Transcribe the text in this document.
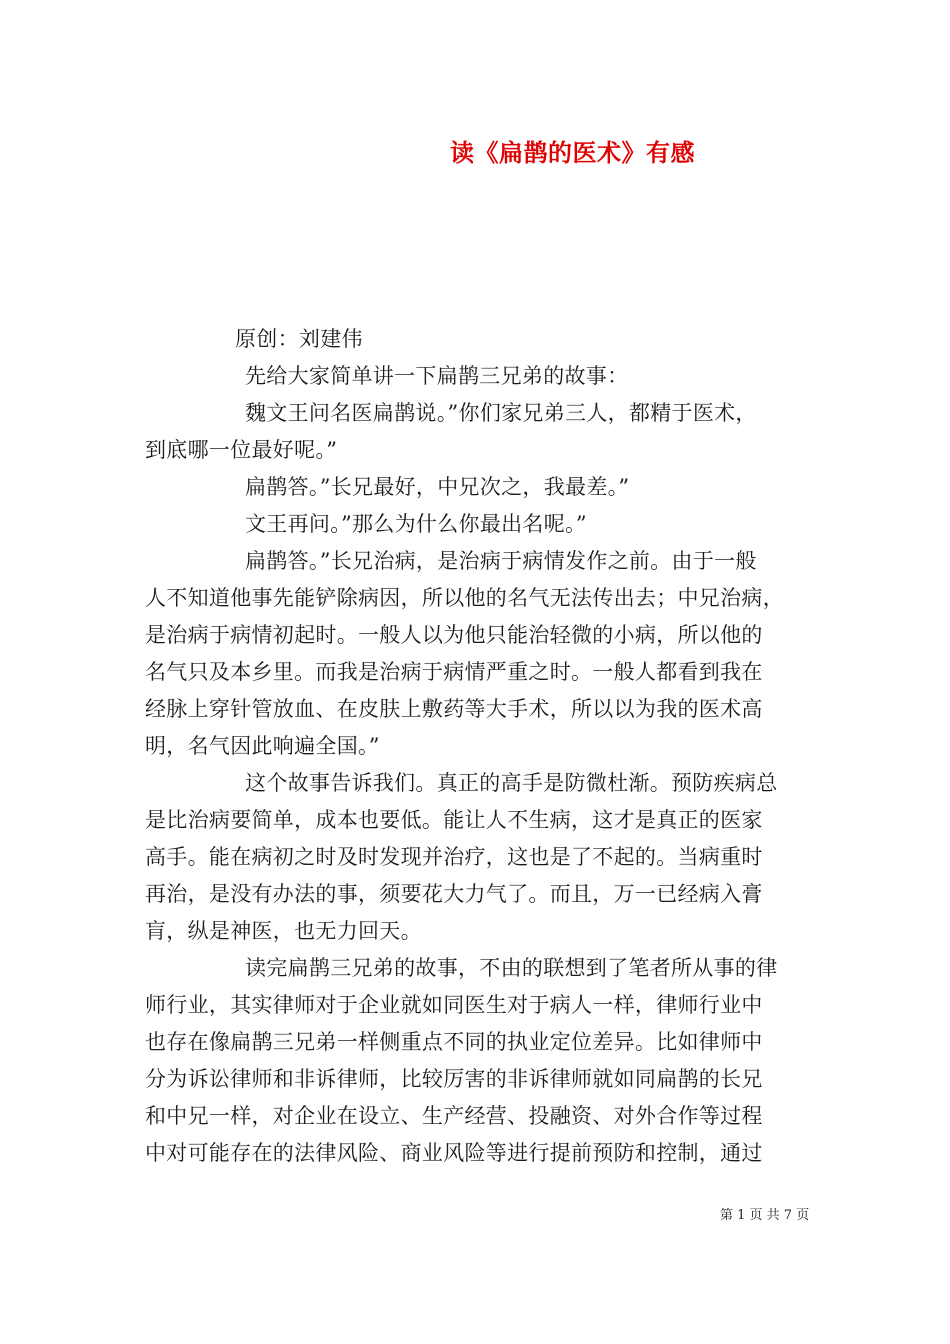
读《扁鹊的医术》有感
原创：刘建伟
先给大家简单讲一下扁鹊三兄弟的故事：
魏文王问名医扁鹊说。”你们家兄弟三人，都精于医术，
到底哪一位最好呢。”
扁鹊答。”长兄最好，中兄次之，我最差。”
文王再问。”那么为什么你最出名呢。”
扁鹊答。”长兄治病，是治病于病情发作之前。由于一般
人不知道他事先能铲除病因，所以他的名气无法传出去；中兄治病，
是治病于病情初起时。一般人以为他只能治轻微的小病，所以他的
名气只及本乡里。而我是治病于病情严重之时。一般人都看到我在
经脉上穿针管放血、在皮肤上敷药等大手术，所以以为我的医术高
明，名气因此响遍全国。”
这个故事告诉我们。真正的高手是防微杜渐。预防疾病总
是比治病要简单，成本也要低。能让人不生病，这才是真正的医家
高手。能在病初之时及时发现并治疗，这也是了不起的。当病重时
再治，是没有办法的事，须要花大力气了。而且，万一已经病入膏
肓，纵是神医，也无力回天。
读完扁鹊三兄弟的故事，不由的联想到了笔者所从事的律
师行业，其实律师对于企业就如同医生对于病人一样，律师行业中
也存在像扁鹊三兄弟一样侧重点不同的执业定位差异。比如律师中
分为诉讼律师和非诉律师，比较厉害的非诉律师就如同扁鹊的长兄
和中兄一样，对企业在设立、生产经营、投融资、对外合作等过程
中对可能存在的法律风险、商业风险等进行提前预防和控制，通过
第 1 页 共 7 页
